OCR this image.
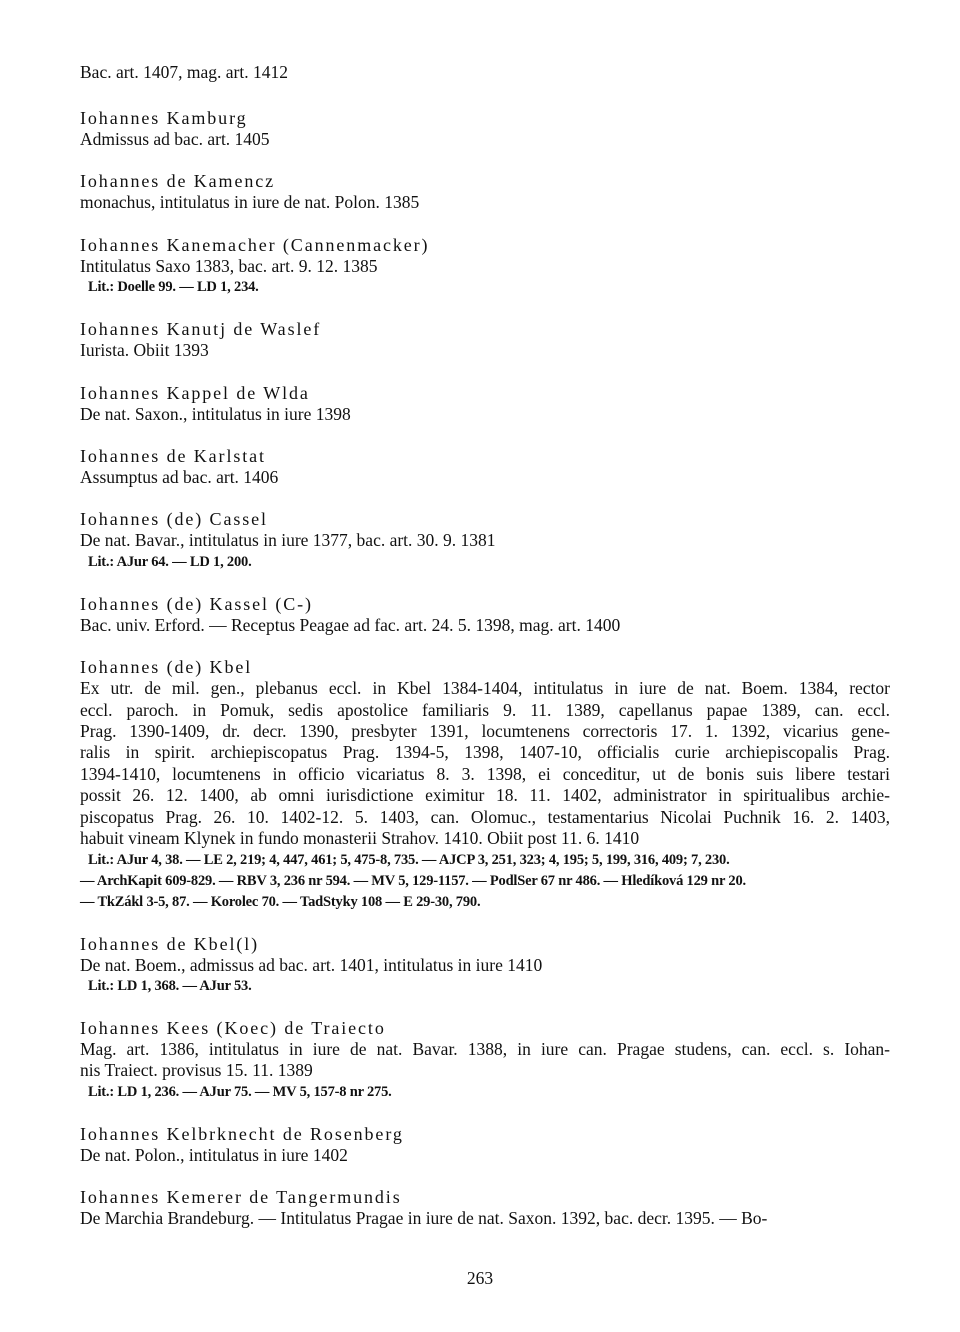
Bac. art. 1407, mag. art. 1412

Iohannes Kamburg

Admissus ad bac. art. 1405

Iohannes de Kamencz

monachus, intitulatus in iure de nat. Polon. 1385

Iohannes Kanemacher (Cannenmacker)

Intitulatus Saxo 1383, bac. art. 9. 12. 1385

Lit.: Doelle 99. — LD 1, 234.

Iohannes Kanutj de Waslef

Iurista. Obiit 1393

Iohannes Kappel de Wlda

De nat. Saxon., intitulatus in iure 1398

Iohannes de Karlstat

Assumptus ad bac. art. 1406

Iohannes (de) Cassel

De nat. Bavar., intitulatus in iure 1377, bac. art. 30. 9. 1381

Lit.: AJur 64. — LD 1, 200.

Iohannes (de) Kassel (C-)

Bac. univ. Erford. — Receptus Peagae ad fac. art. 24. 5. 1398, mag. art. 1400

Iohannes (de) Kbel

Ex utr. de mil. gen., plebanus eccl. in Kbel 1384-1404, intitulatus in iure de nat. Boem. 1384, rector

eccl. paroch. in Pomuk, sedis apostolice familiaris 9. 11. 1389, capellanus papae 1389, can. eccl.

Prag. 1390-1409, dr. decr. 1390, presbyter 1391, locumtenens correctoris 17. 1. 1392, vicarius gene-

ralis in spirit. archiepiscopatus Prag. 1394-5, 1398, 1407-10, officialis curie archiepiscopalis Prag.

1394-1410, locumtenens in officio vicariatus 8. 3. 1398, ei conceditur, ut de bonis suis libere testari

possit 26. 12. 1400, ab omni iurisdictione eximitur 18. 11. 1402, administrator in spiritualibus archie-

piscopatus Prag. 26. 10. 1402-12. 5. 1403, can. Olomuc., testamentarius Nicolai Puchnik 16. 2. 1403,

habuit vineam Klynek in fundo monasterii Strahov. 1410. Obiit post 11. 6. 1410

Lit.: AJur 4, 38. — LE 2, 219; 4, 447, 461; 5, 475-8, 735. — AJCP 3, 251, 323; 4, 195; 5, 199, 316, 409; 7, 230.

— ArchKapit 609-829. — RBV 3, 236 nr 594. — MV 5, 129-1157. — PodlSer 67 nr 486. — Hledíková 129 nr 20.

— TkZákl 3-5, 87. — Korolec 70. — TadStyky 108 — E 29-30, 790.

Iohannes de Kbel(l)

De nat. Boem., admissus ad bac. art. 1401, intitulatus in iure 1410

Lit.: LD 1, 368. — AJur 53.

Iohannes Kees (Koec) de Traiecto

Mag. art. 1386, intitulatus in iure de nat. Bavar. 1388, in iure can. Pragae studens, can. eccl. s. Iohan-

nis Traiect. provisus 15. 11. 1389

Lit.: LD 1, 236. — AJur 75. — MV 5, 157-8 nr 275.

Iohannes Kelbrknecht de Rosenberg

De nat. Polon., intitulatus in iure 1402

Iohannes Kemerer de Tangermundis

De Marchia Brandeburg. — Intitulatus Pragae in iure de nat. Saxon. 1392, bac. decr. 1395. — Bo-

263
